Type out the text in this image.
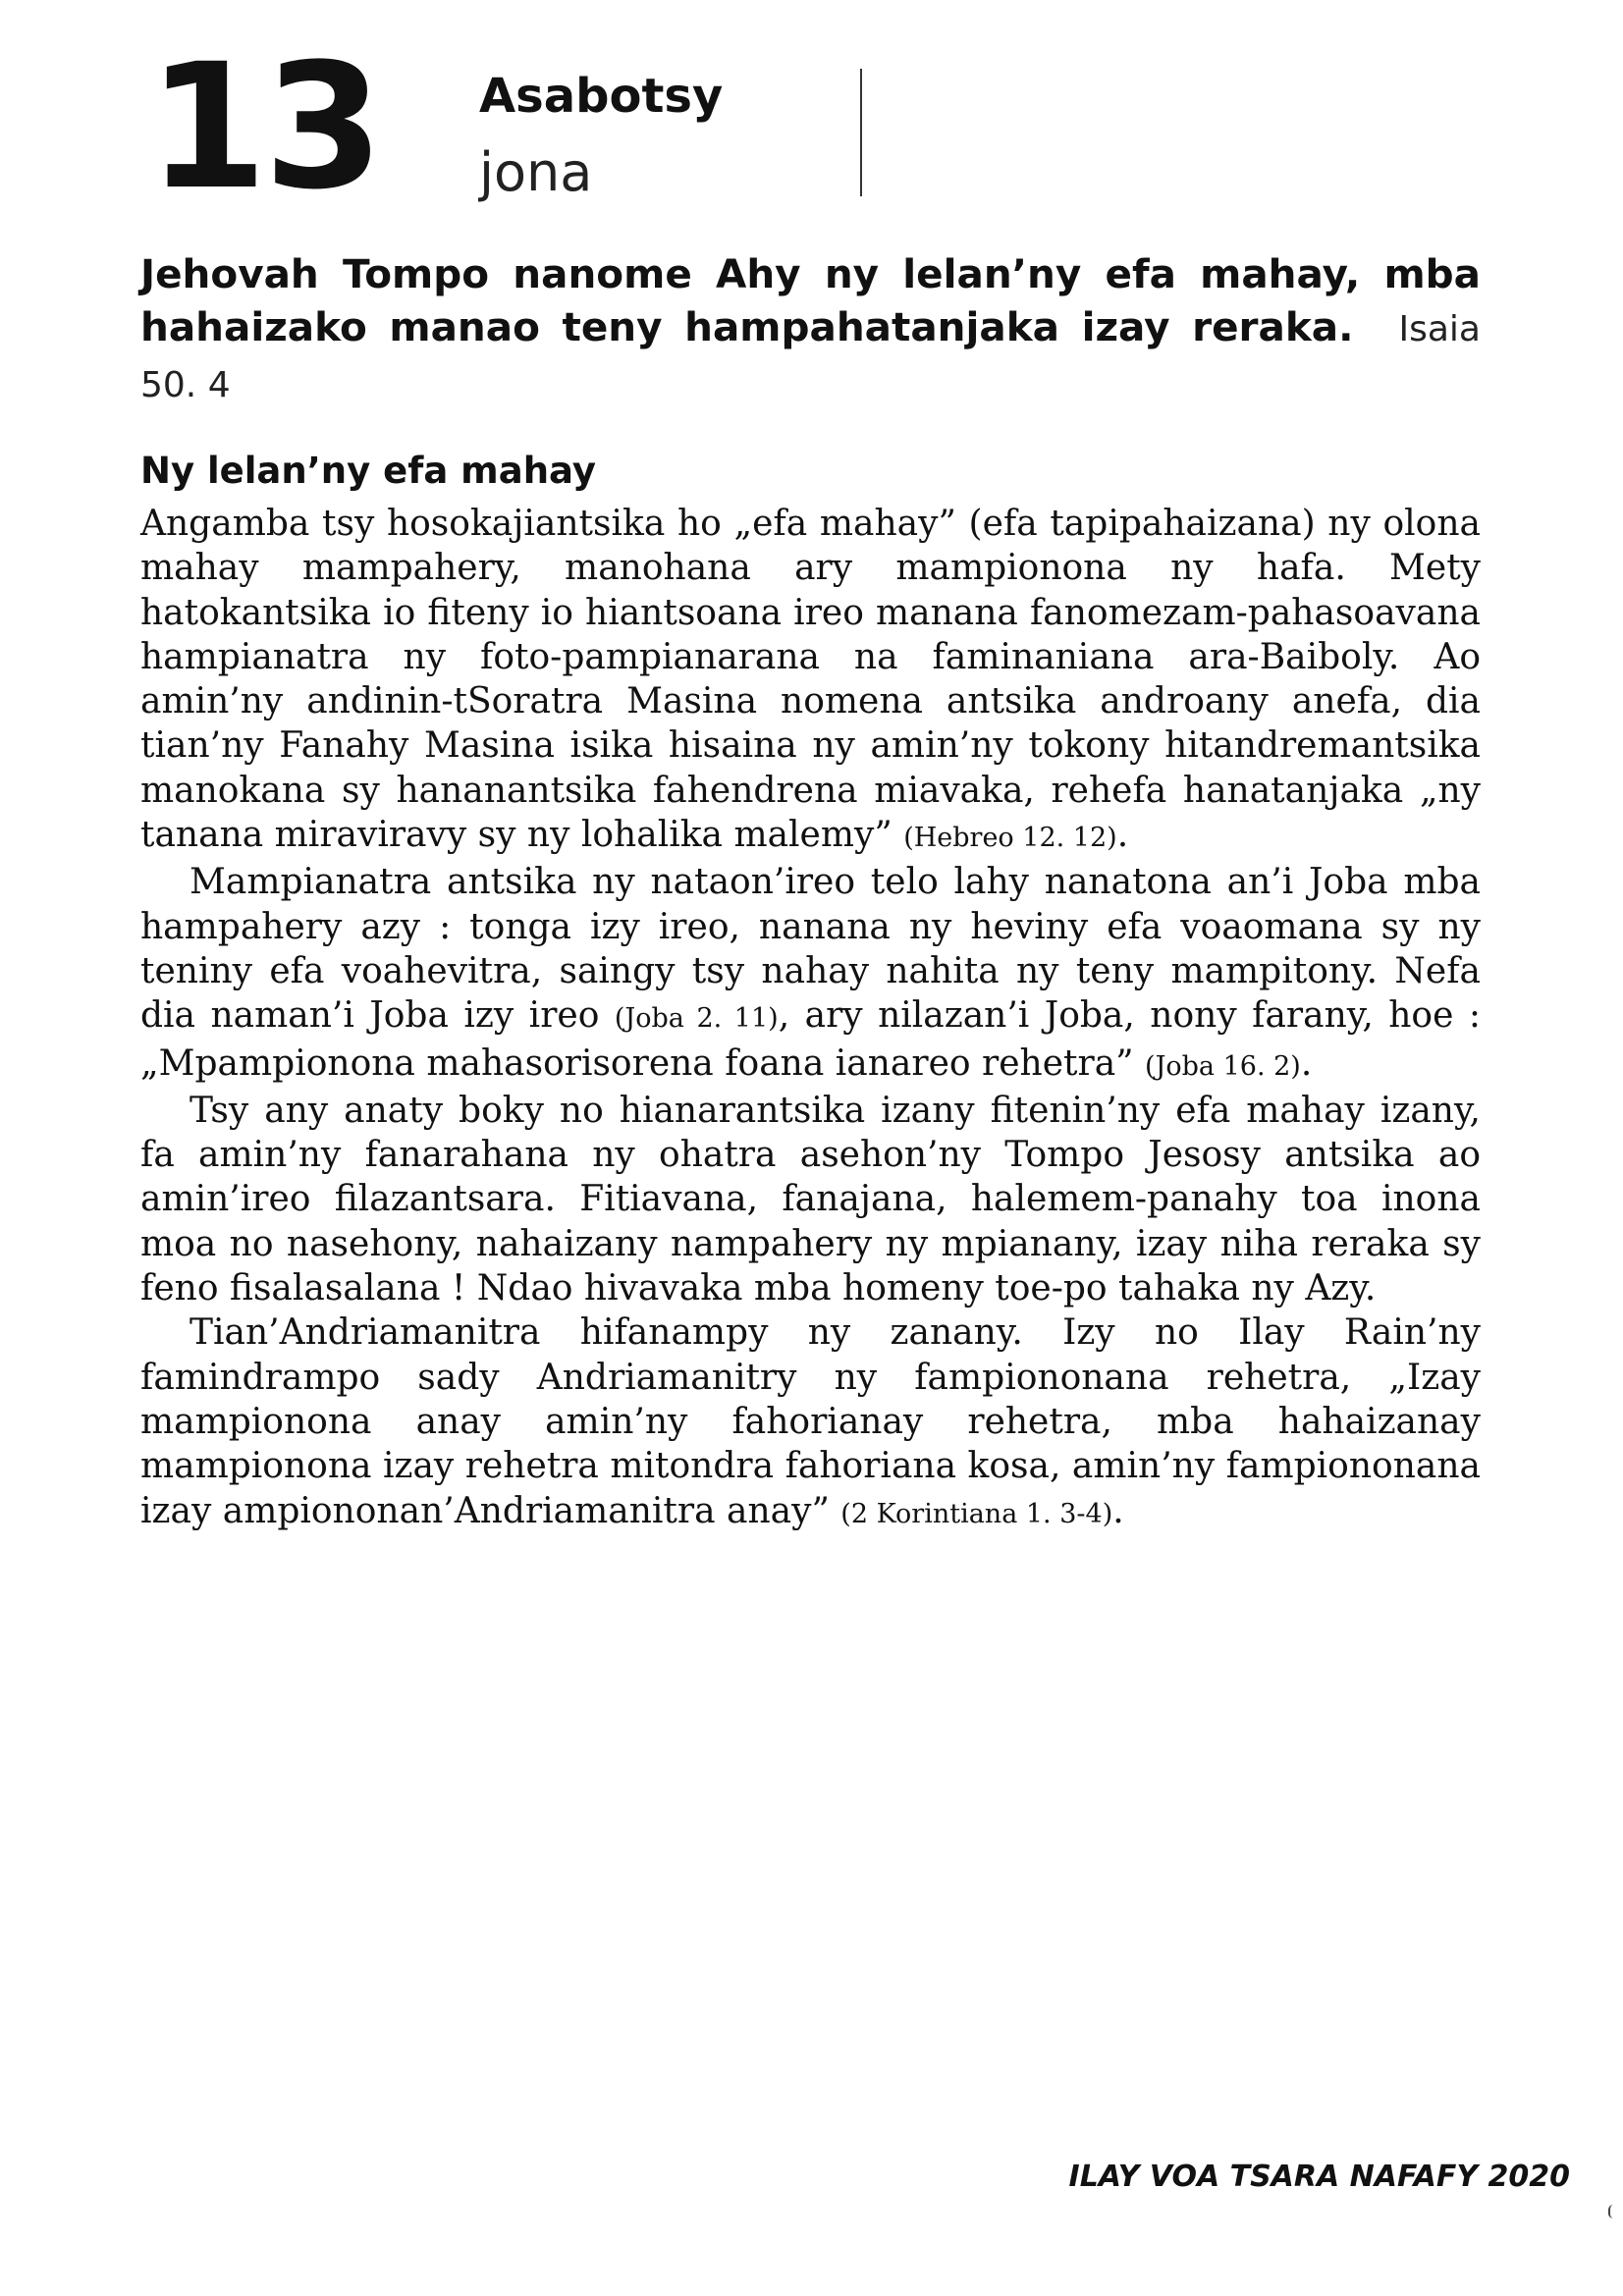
13 Asabotsy
jona
Jehovah Tompo nanome Ahy ny lelan’ny efa mahay, mba hahaizako manao teny hampahatanjaka izay reraka. Isaia 50. 4
Ny lelan’ny efa mahay

Angamba tsy hosokajiantsika ho „efa mahay” (efa tapipahaizana) ny olona mahay mampahery, manohana ary mampionona ny hafa. Mety hatokantsika io fiteny io hiantsoana ireo manana fanomezam-pahasoavana hampianatra ny foto-pampianarana na faminaniana ara-Baiboly. Ao amin’ny andinin-tSoratra Masina nomena antsika androany anefa, dia tian’ny Fanahy Masina isika hisaina ny amin’ny tokony hitandremantsika manokana sy hananantsika fahendrena miavaka, rehefa hanatanjaka „ny tanana miraviravy sy ny lohalika malemy” (Hebreo 12. 12).

Mampianatra antsika ny nataon’ireo telo lahy nanatona an’i Joba mba hampahery azy : tonga izy ireo, nanana ny heviny efa voaomana sy ny teniny efa voahevitra, saingy tsy nahay nahita ny teny mampitony. Nefa dia naman’i Joba izy ireo (Joba 2. 11), ary nilazan’i Joba, nony farany, hoe : „Mpampionona mahasorisorena foana ianareo rehetra” (Joba 16. 2).

Tsy any anaty boky no hianarantsika izany fitenin’ny efa mahay izany, fa amin’ny fanarahana ny ohatra asehon’ny Tompo Jesosy antsika ao amin’ireo filazantsara. Fitiavana, fanajana, halemem-panahy toa inona moa no nasehony, nahaizany nampahery ny mpianany, izay niha reraka sy feno fisalasalana ! Ndao hivavaka mba homeny toe-po tahaka ny Azy.

Tian’Andriamanitra hifanampy ny zanany. Izy no Ilay Rain’ny famindrampo sady Andriamanitry ny fampiononana rehetra, „Izay mampionona anay amin’ny fahorianay rehetra, mba hahaizanay mampionona izay rehetra mitondra fahoriana kosa, amin’ny fampiononana izay ampiononan’Andriamanitra anay” (2 Korintiana 1. 3-4).

ILAY VOA TSARA NAFAFY 2020
